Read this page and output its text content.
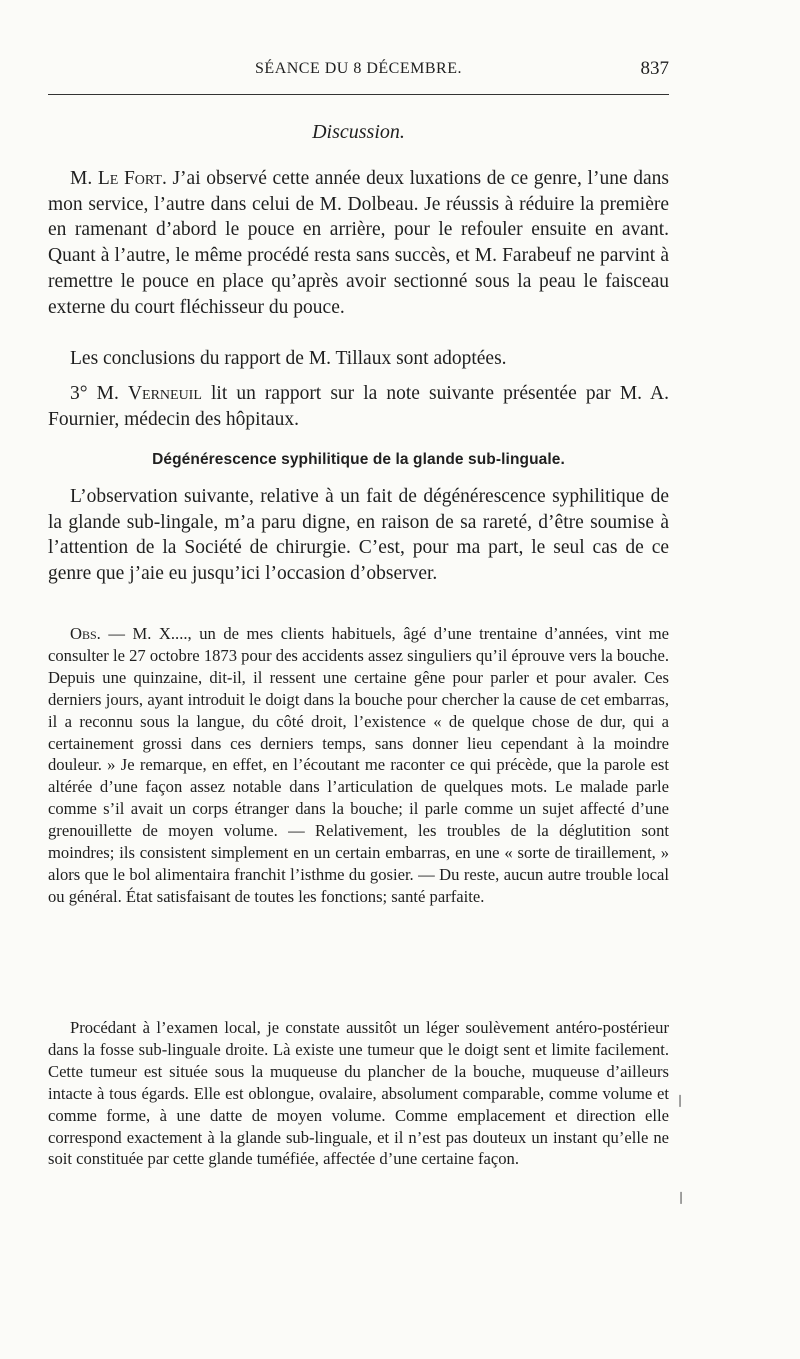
SÉANCE DU 8 DÉCEMBRE.	837
Discussion.

M. Le Fort. J’ai observé cette année deux luxations de ce genre, l’une dans mon service, l’autre dans celui de M. Dolbeau. Je réussis à réduire la première en ramenant d’abord le pouce en arrière, pour le refouler ensuite en avant. Quant à l’autre, le même procédé resta sans succès, et M. Farabeuf ne parvint à remettre le pouce en place qu’après avoir sectionné sous la peau le faisceau externe du court fléchisseur du pouce.

Les conclusions du rapport de M. Tillaux sont adoptées.

3° M. Verneuil lit un rapport sur la note suivante présentée par M. A. Fournier, médecin des hôpitaux.

Dégénérescence syphilitique de la glande sub-linguale.

L’observation suivante, relative à un fait de dégénérescence syphilitique de la glande sub-lingale, m’a paru digne, en raison de sa rareté, d’être soumise à l’attention de la Société de chirurgie. C’est, pour ma part, le seul cas de ce genre que j’aie eu jusqu’ici l’occasion d’observer.

Obs. — M. X...., un de mes clients habituels, âgé d’une trentaine d’années, vint me consulter le 27 octobre 1873 pour des accidents assez singuliers qu’il éprouve vers la bouche. Depuis une quinzaine, dit-il, il ressent une certaine gêne pour parler et pour avaler. Ces derniers jours, ayant introduit le doigt dans la bouche pour chercher la cause de cet embarras, il a reconnu sous la langue, du côté droit, l’existence « de quelque chose de dur, qui a certainement grossi dans ces derniers temps, sans donner lieu cependant à la moindre douleur. » Je remarque, en effet, en l’écoutant me raconter ce qui précède, que la parole est altérée d’une façon assez notable dans l’articulation de quelques mots. Le malade parle comme s’il avait un corps étranger dans la bouche; il parle comme un sujet affecté d’une grenouillette de moyen volume. — Relativement, les troubles de la déglutition sont moindres; ils consistent simplement en un certain embarras, en une « sorte de tiraillement, » alors que le bol alimentaira franchit l’isthme du gosier. — Du reste, aucun autre trouble local ou général. État satisfaisant de toutes les fonctions; santé parfaite.

Procédant à l’examen local, je constate aussitôt un léger soulèvement antéro-postérieur dans la fosse sub-linguale droite. Là existe une tumeur que le doigt sent et limite facilement. Cette tumeur est située sous la muqueuse du plancher de la bouche, muqueuse d’ailleurs intacte à tous égards. Elle est oblongue, ovalaire, absolument comparable, comme volume et comme forme, à une datte de moyen volume. Comme emplacement et direction elle correspond exactement à la glande sub-linguale, et il n’est pas douteux un instant qu’elle ne soit constituée par cette glande tuméfiée, affectée d’une certaine façon.

❘
❘
